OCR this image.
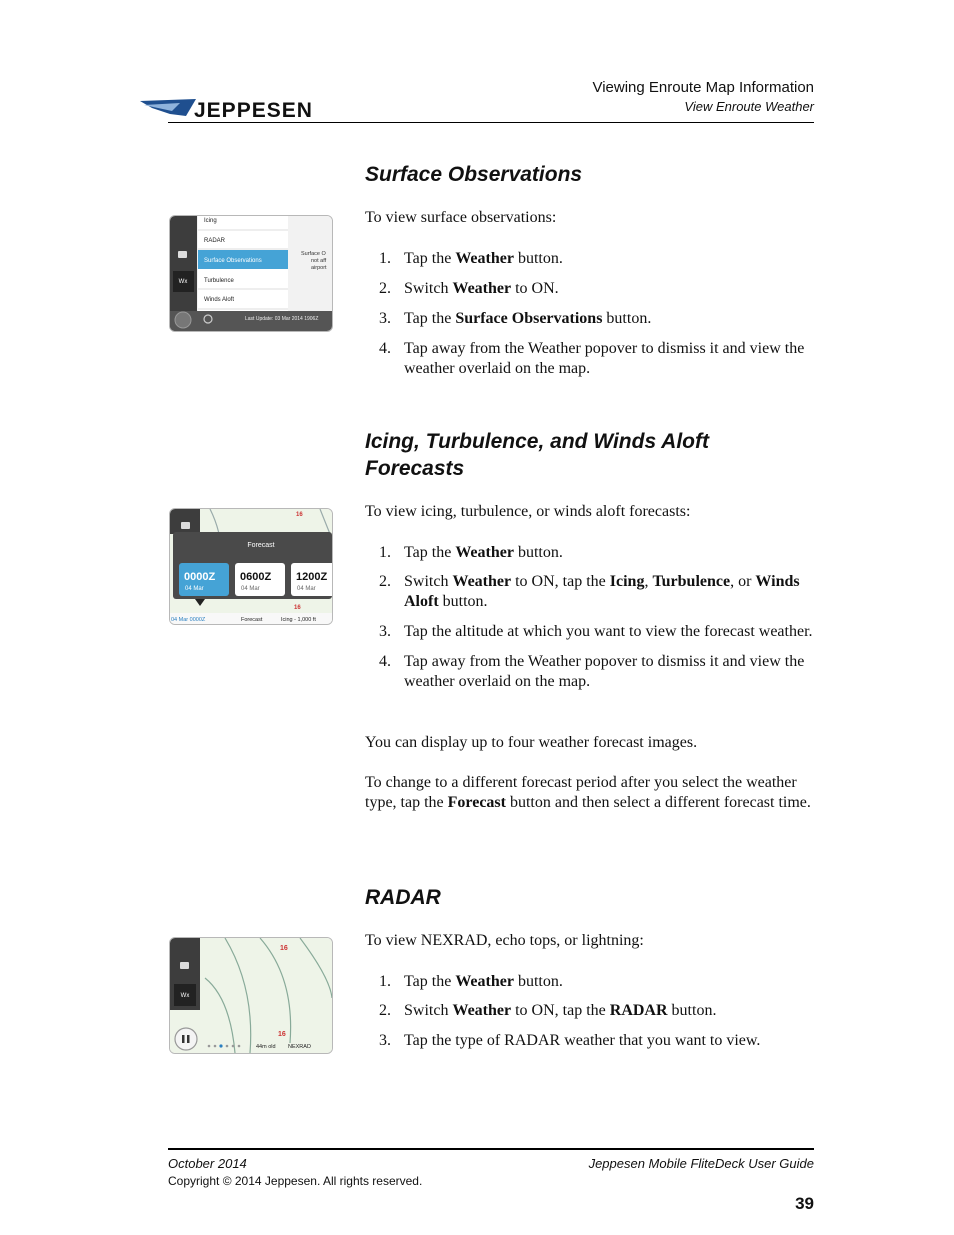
JEPPESEN
Viewing Enroute Map Information
View Enroute Weather
Surface Observations
To view surface observations:
1. Tap the Weather button.
2. Switch Weather to ON.
3. Tap the Surface Observations button.
4. Tap away from the Weather popover to dismiss it and view the weather overlaid on the map.
Wx
Icing
RADAR
Surface Observations
Turbulence
Winds Aloft
Surface O
not aff
airport
Last Update: 03 Mar 2014 1906Z
Icing, Turbulence, and Winds Aloft
Forecasts
To view icing, turbulence, or winds aloft forecasts:
1. Tap the Weather button.
2. Switch Weather to ON, tap the Icing, Turbulence, or Winds Aloft button.
3. Tap the altitude at which you want to view the forecast weather.
4. Tap away from the Weather popover to dismiss it and view the weather overlaid on the map.
You can display up to four weather forecast images.
To change to a different forecast period after you select the weather type, tap the Forecast button and then select a different forecast time.
16
16
Forecast
0000Z
04 Mar
0600Z
04 Mar
1200Z
04 Mar
04 Mar 0000Z	Forecast	Icing - 1,000 ft
RADAR
To view NEXRAD, echo tops, or lightning:
1. Tap the Weather button.
2. Switch Weather to ON, tap the RADAR button.
3. Tap the type of RADAR weather that you want to view.
16
16
Wx
44m old NEXRAD
October 2014
Copyright © 2014 Jeppesen. All rights reserved.
Jeppesen Mobile FliteDeck User Guide
39
